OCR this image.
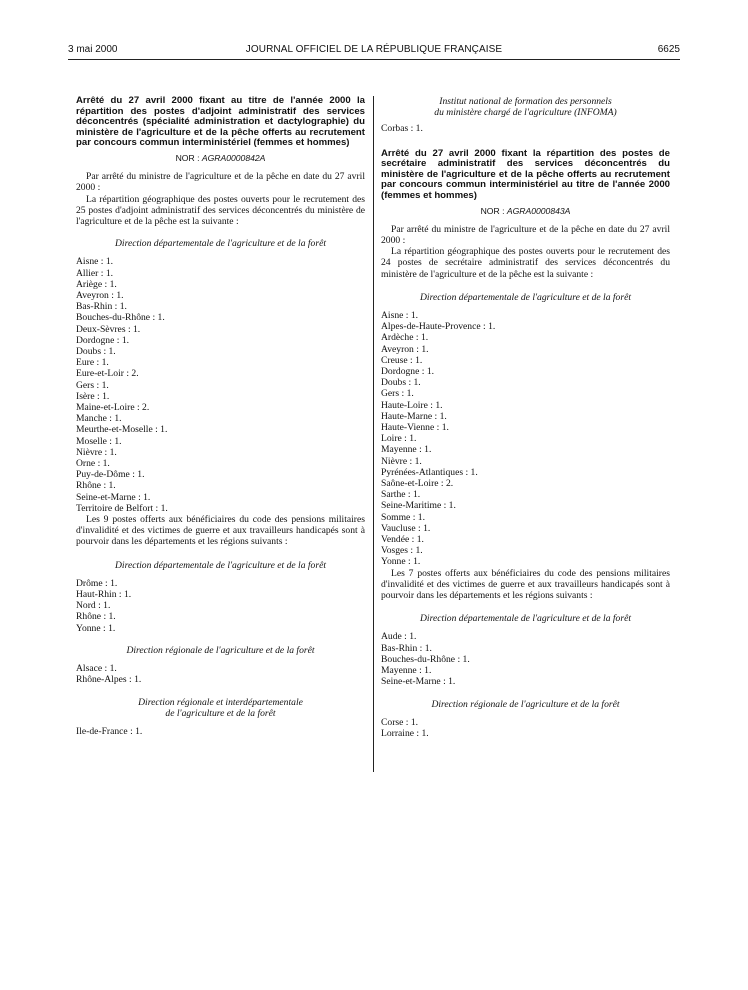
3 mai 2000	JOURNAL OFFICIEL DE LA RÉPUBLIQUE FRANÇAISE	6625

Arrêté du 27 avril 2000 fixant au titre de l'année 2000 la répartition des postes d'adjoint administratif des services déconcentrés (spécialité administration et dactylographie) du ministère de l'agriculture et de la pêche offerts au recrutement par concours commun interministériel (femmes et hommes)

NOR : AGRA0000842A

Par arrêté du ministre de l'agriculture et de la pêche en date du 27 avril 2000 :

La répartition géographique des postes ouverts pour le recrutement des 25 postes d'adjoint administratif des services déconcentrés du ministère de l'agriculture et de la pêche est la suivante :

Direction départementale de l'agriculture et de la forêt

Aisne : 1.

Allier : 1.

Ariège : 1.

Aveyron : 1.

Bas-Rhin : 1.

Bouches-du-Rhône : 1.

Deux-Sèvres : 1.

Dordogne : 1.

Doubs : 1.

Eure : 1.

Eure-et-Loir : 2.

Gers : 1.

Isère : 1.

Maine-et-Loire : 2.

Manche : 1.

Meurthe-et-Moselle : 1.

Moselle : 1.

Nièvre : 1.

Orne : 1.

Puy-de-Dôme : 1.

Rhône : 1.

Seine-et-Marne : 1.

Territoire de Belfort : 1.

Les 9 postes offerts aux bénéficiaires du code des pensions militaires d'invalidité et des victimes de guerre et aux travailleurs handicapés sont à pourvoir dans les départements et les régions suivants :

Direction départementale de l'agriculture et de la forêt

Drôme : 1.

Haut-Rhin : 1.

Nord : 1.

Rhône : 1.

Yonne : 1.

Direction régionale de l'agriculture et de la forêt

Alsace : 1.

Rhône-Alpes : 1.

Direction régionale et interdépartementale

de l'agriculture et de la forêt

Ile-de-France : 1.

Institut national de formation des personnels

du ministère chargé de l'agriculture (INFOMA)

Corbas : 1.

Arrêté du 27 avril 2000 fixant la répartition des postes de secrétaire administratif des services déconcentrés du ministère de l'agriculture et de la pêche offerts au recrutement par concours commun interministériel au titre de l'année 2000 (femmes et hommes)

NOR : AGRA0000843A

Par arrêté du ministre de l'agriculture et de la pêche en date du 27 avril 2000 :

La répartition géographique des postes ouverts pour le recrutement des 24 postes de secrétaire administratif des services déconcentrés du ministère de l'agriculture et de la pêche est la suivante :

Direction départementale de l'agriculture et de la forêt

Aisne : 1.

Alpes-de-Haute-Provence : 1.

Ardèche : 1.

Aveyron : 1.

Creuse : 1.

Dordogne : 1.

Doubs : 1.

Gers : 1.

Haute-Loire : 1.

Haute-Marne : 1.

Haute-Vienne : 1.

Loire : 1.

Mayenne : 1.

Nièvre : 1.

Pyrénées-Atlantiques : 1.

Saône-et-Loire : 2.

Sarthe : 1.

Seine-Maritime : 1.

Somme : 1.

Vaucluse : 1.

Vendée : 1.

Vosges : 1.

Yonne : 1.

Les 7 postes offerts aux bénéficiaires du code des pensions militaires d'invalidité et des victimes de guerre et aux travailleurs handicapés sont à pourvoir dans les départements et les régions suivants :

Direction départementale de l'agriculture et de la forêt

Aude : 1.

Bas-Rhin : 1.

Bouches-du-Rhône : 1.

Mayenne : 1.

Seine-et-Marne : 1.

Direction régionale de l'agriculture et de la forêt

Corse : 1.

Lorraine : 1.
